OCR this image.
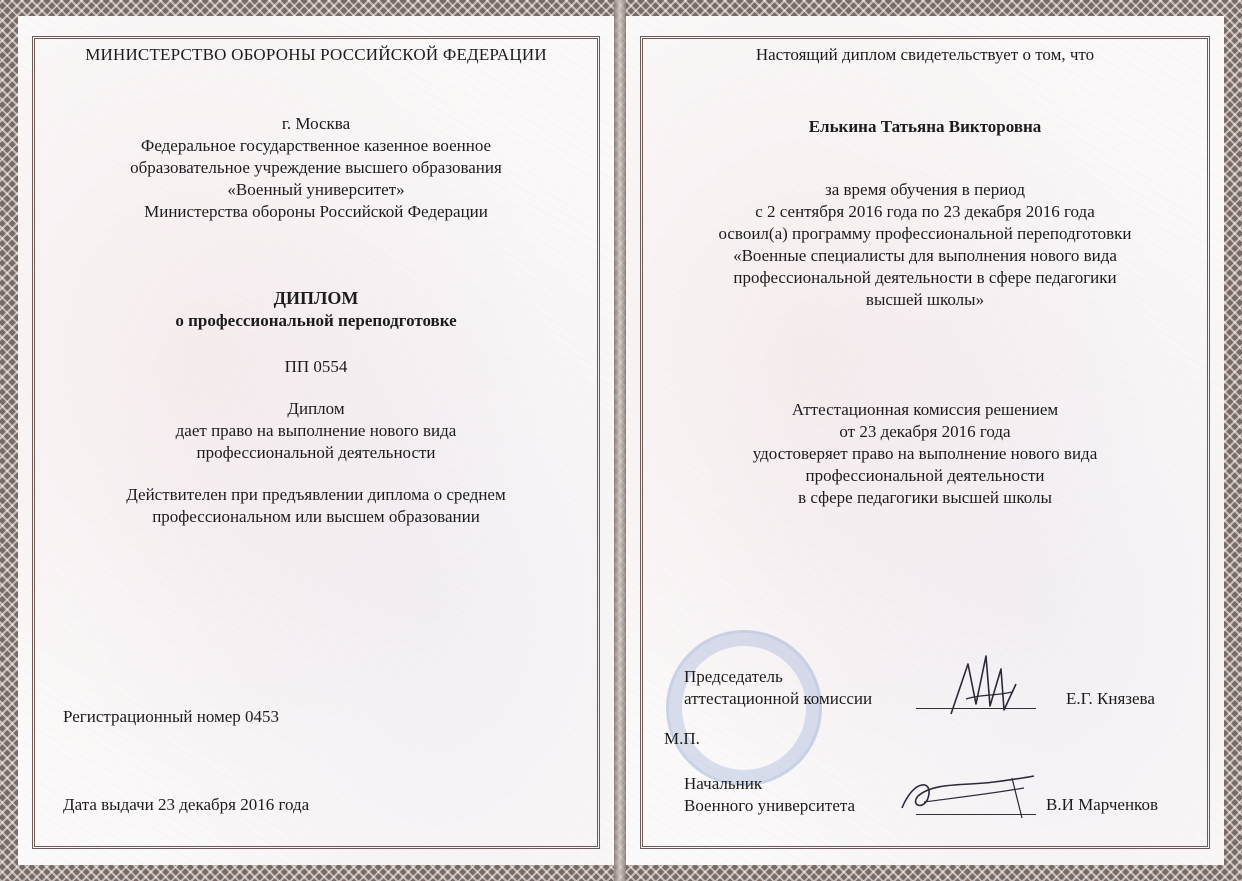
МИНИСТЕРСТВО ОБОРОНЫ РОССИЙСКОЙ ФЕДЕРАЦИИ
г. Москва
Федеральное государственное казенное военное
образовательное учреждение высшего образования
«Военный университет»
Министерства обороны Российской Федерации
ДИПЛОМ
о профессиональной переподготовке
ПП 0554
Диплом
дает право на выполнение нового вида
профессиональной деятельности
Действителен при предъявлении диплома о среднем
профессиональном или высшем образовании
Регистрационный номер 0453
Дата выдачи 23 декабря 2016 года
Настоящий диплом свидетельствует о том, что
Елькина Татьяна Викторовна
за время обучения в период
с 2 сентября 2016 года по 23 декабря 2016 года
освоил(а) программу профессиональной переподготовки
«Военные специалисты для выполнения нового вида
профессиональной деятельности в сфере педагогики
высшей школы»
Аттестационная комиссия решением
от 23 декабря 2016 года
удостоверяет право на выполнение нового вида
профессиональной деятельности
в сфере педагогики высшей школы
Председатель
аттестационной комиссии	Е.Г. Князева
М.П.
Начальник
Военного университета	В.И Марченков
